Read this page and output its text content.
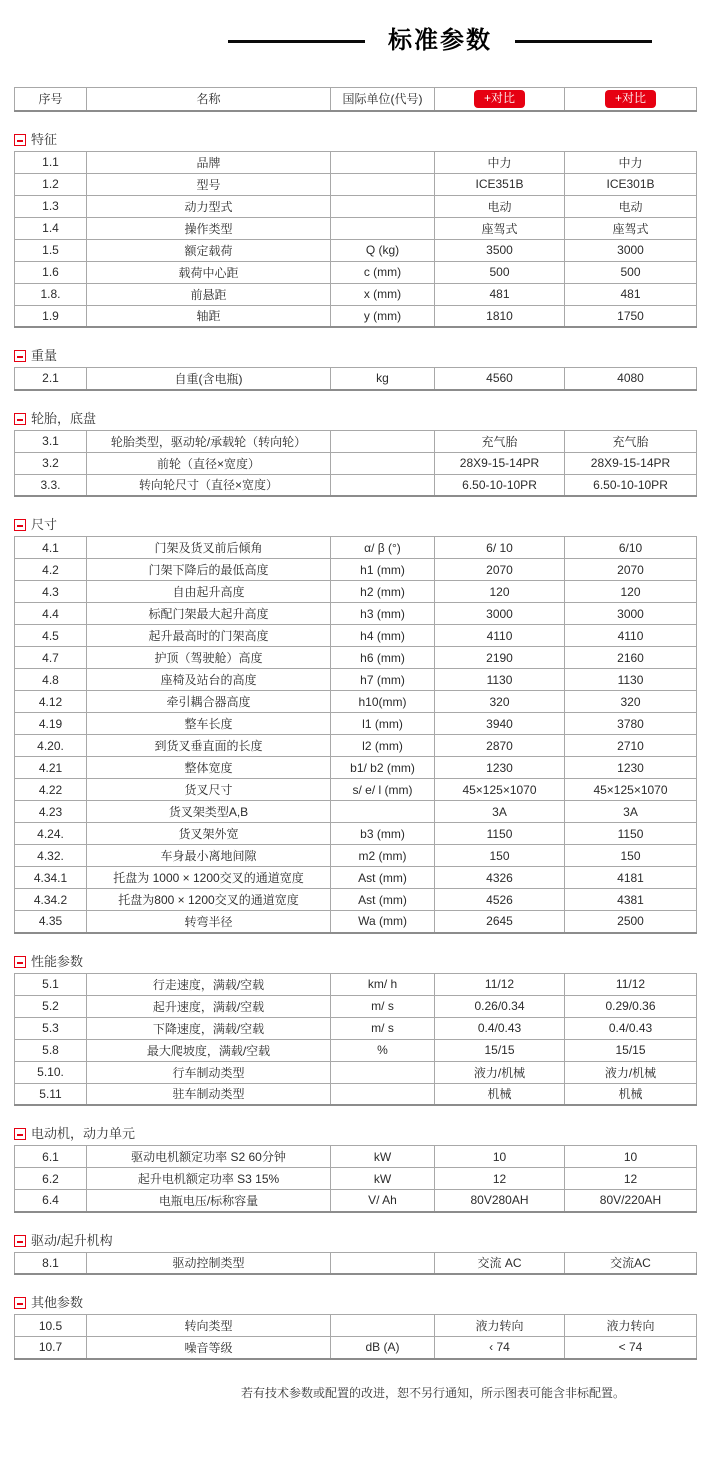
标准参数
序号	名称	国际单位(代号)	+对比	+对比
特征
1.1	品牌		中力	中力
1.2	型号		ICE351B	ICE301B
1.3	动力型式		电动	电动
1.4	操作类型		座驾式	座驾式
1.5	额定载荷	Q (kg)	3500	3000
1.6	载荷中心距	c (mm)	500	500
1.8.	前悬距	x (mm)	481	481
1.9	轴距	y (mm)	1810	1750
重量
2.1	自重(含电瓶)	kg	4560	4080
轮胎，底盘
3.1	轮胎类型，驱动轮/承载轮（转向轮）		充气胎	充气胎
3.2	前轮（直径×宽度）		28X9-15-14PR	28X9-15-14PR
3.3.	转向轮尺寸（直径×宽度）		6.50-10-10PR	6.50-10-10PR
尺寸
4.1	门架及货叉前后倾角	α/ β (°)	6/ 10	6/10
4.2	门架下降后的最低高度	h1 (mm)	2070	2070
4.3	自由起升高度	h2 (mm)	120	120
4.4	标配门架最大起升高度	h3 (mm)	3000	3000
4.5	起升最高时的门架高度	h4 (mm)	4110	4110
4.7	护顶（驾驶舱）高度	h6 (mm)	2190	2160
4.8	座椅及站台的高度	h7 (mm)	1130	1130
4.12	牵引耦合器高度	h10(mm)	320	320
4.19	整车长度	l1 (mm)	3940	3780
4.20.	到货叉垂直面的长度	l2 (mm)	2870	2710
4.21	整体宽度	b1/ b2 (mm)	1230	1230
4.22	货叉尺寸	s/ e/ l (mm)	45×125×1070	45×125×1070
4.23	货叉架类型A,B		3A	3A
4.24.	货叉架外宽	b3 (mm)	1150	1150
4.32.	车身最小离地间隙	m2 (mm)	150	150
4.34.1	托盘为 1000 × 1200交叉的通道宽度	Ast (mm)	4326	4181
4.34.2	托盘为800 × 1200交叉的通道宽度	Ast (mm)	4526	4381
4.35	转弯半径	Wa (mm)	2645	2500
性能参数
5.1	行走速度，满载/空载	km/ h	11/12	11/12
5.2	起升速度，满载/空载	m/ s	0.26/0.34	0.29/0.36
5.3	下降速度，满载/空载	m/ s	0.4/0.43	0.4/0.43
5.8	最大爬坡度，满载/空载	%	15/15	15/15
5.10.	行车制动类型		液力/机械	液力/机械
5.11	驻车制动类型		机械	机械
电动机，动力单元
6.1	驱动电机额定功率 S2 60分钟	kW	10	10
6.2	起升电机额定功率 S3 15%	kW	12	12
6.4	电瓶电压/标称容量	V/ Ah	80V280AH	80V/220AH
驱动/起升机构
8.1	驱动控制类型		交流 AC	交流AC
其他参数
10.5	转向类型		液力转向	液力转向
10.7	噪音等级	dB (A)	‹ 74	< 74
若有技术参数或配置的改进，恕不另行通知，所示图表可能含非标配置。
